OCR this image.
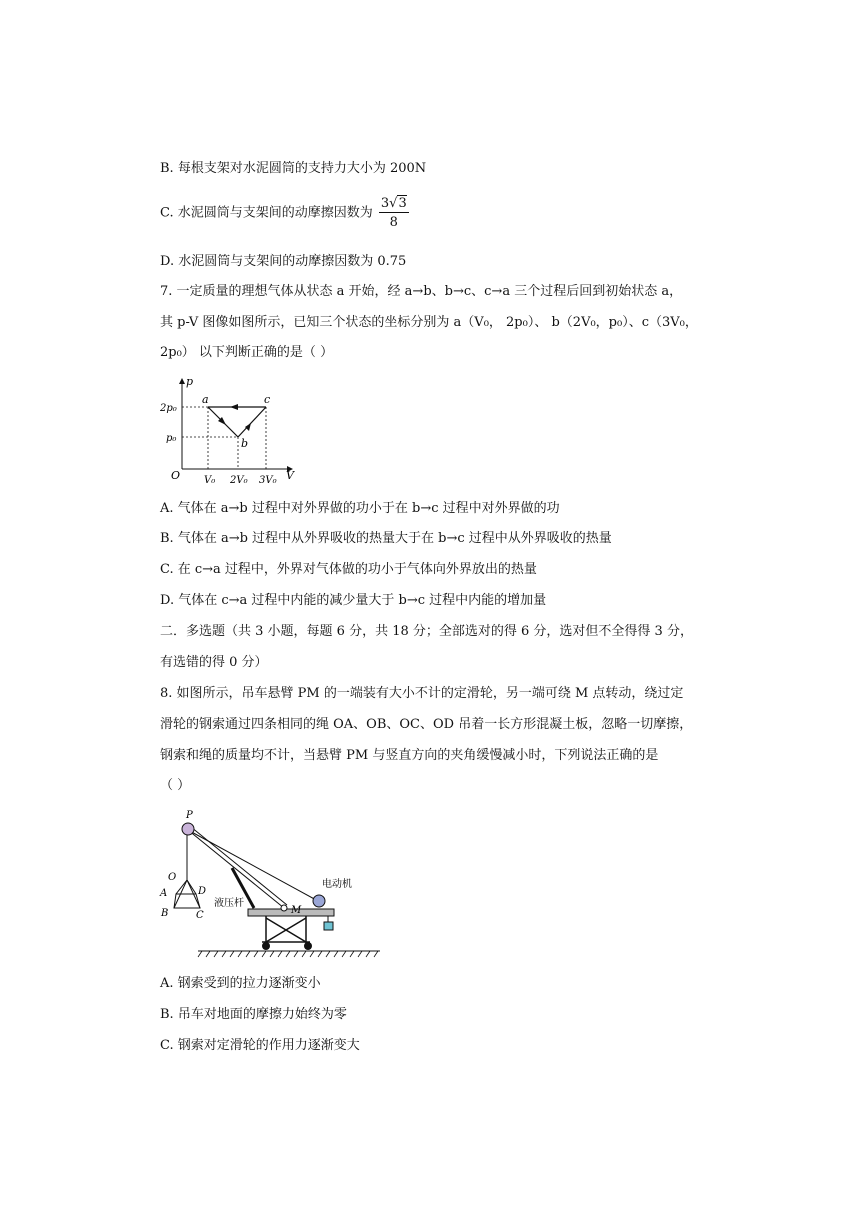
B. 每根支架对水泥圆筒的支持力大小为 200N
C. 水泥圆筒与支架间的动摩擦因数为 $\frac{3√3}{8}$
D. 水泥圆筒与支架间的动摩擦因数为 0.75
7. 一定质量的理想气体从状态 a 开始，经 a→b、b→c、c→a 三个过程后回到初始状态 a，
其 p-V 图像如图所示，已知三个状态的坐标分别为 a（V₀， 2p₀）、 b（2V₀，p₀）、c（3V₀，
2p₀） 以下判断正确的是（ ）
p
V
O
2p₀
p₀
V₀ 2V₀ 3V₀
a
b
c
A. 气体在 a→b 过程中对外界做的功小于在 b→c 过程中对外界做的功
B. 气体在 a→b 过程中从外界吸收的热量大于在 b→c 过程中从外界吸收的热量
C. 在 c→a 过程中，外界对气体做的功小于气体向外界放出的热量
D. 气体在 c→a 过程中内能的减少量大于 b→c 过程中内能的增加量
二．多选题（共 3 小题，每题 6 分，共 18 分；全部选对的得 6 分，选对但不全得得 3 分，
有选错的得 0 分）
8. 如图所示，吊车悬臂 PM 的一端装有大小不计的定滑轮，另一端可绕 M 点转动，绕过定
滑轮的钢索通过四条相同的绳 OA、OB、OC、OD 吊着一长方形混凝土板，忽略一切摩擦，
钢索和绳的质量均不计，当悬臂 PM 与竖直方向的夹角缓慢减小时，下列说法正确的是
（ ）
P
O
A
B	C
D
M
电动机
液压杆
A. 钢索受到的拉力逐渐变小
B. 吊车对地面的摩擦力始终为零
C. 钢索对定滑轮的作用力逐渐变大
